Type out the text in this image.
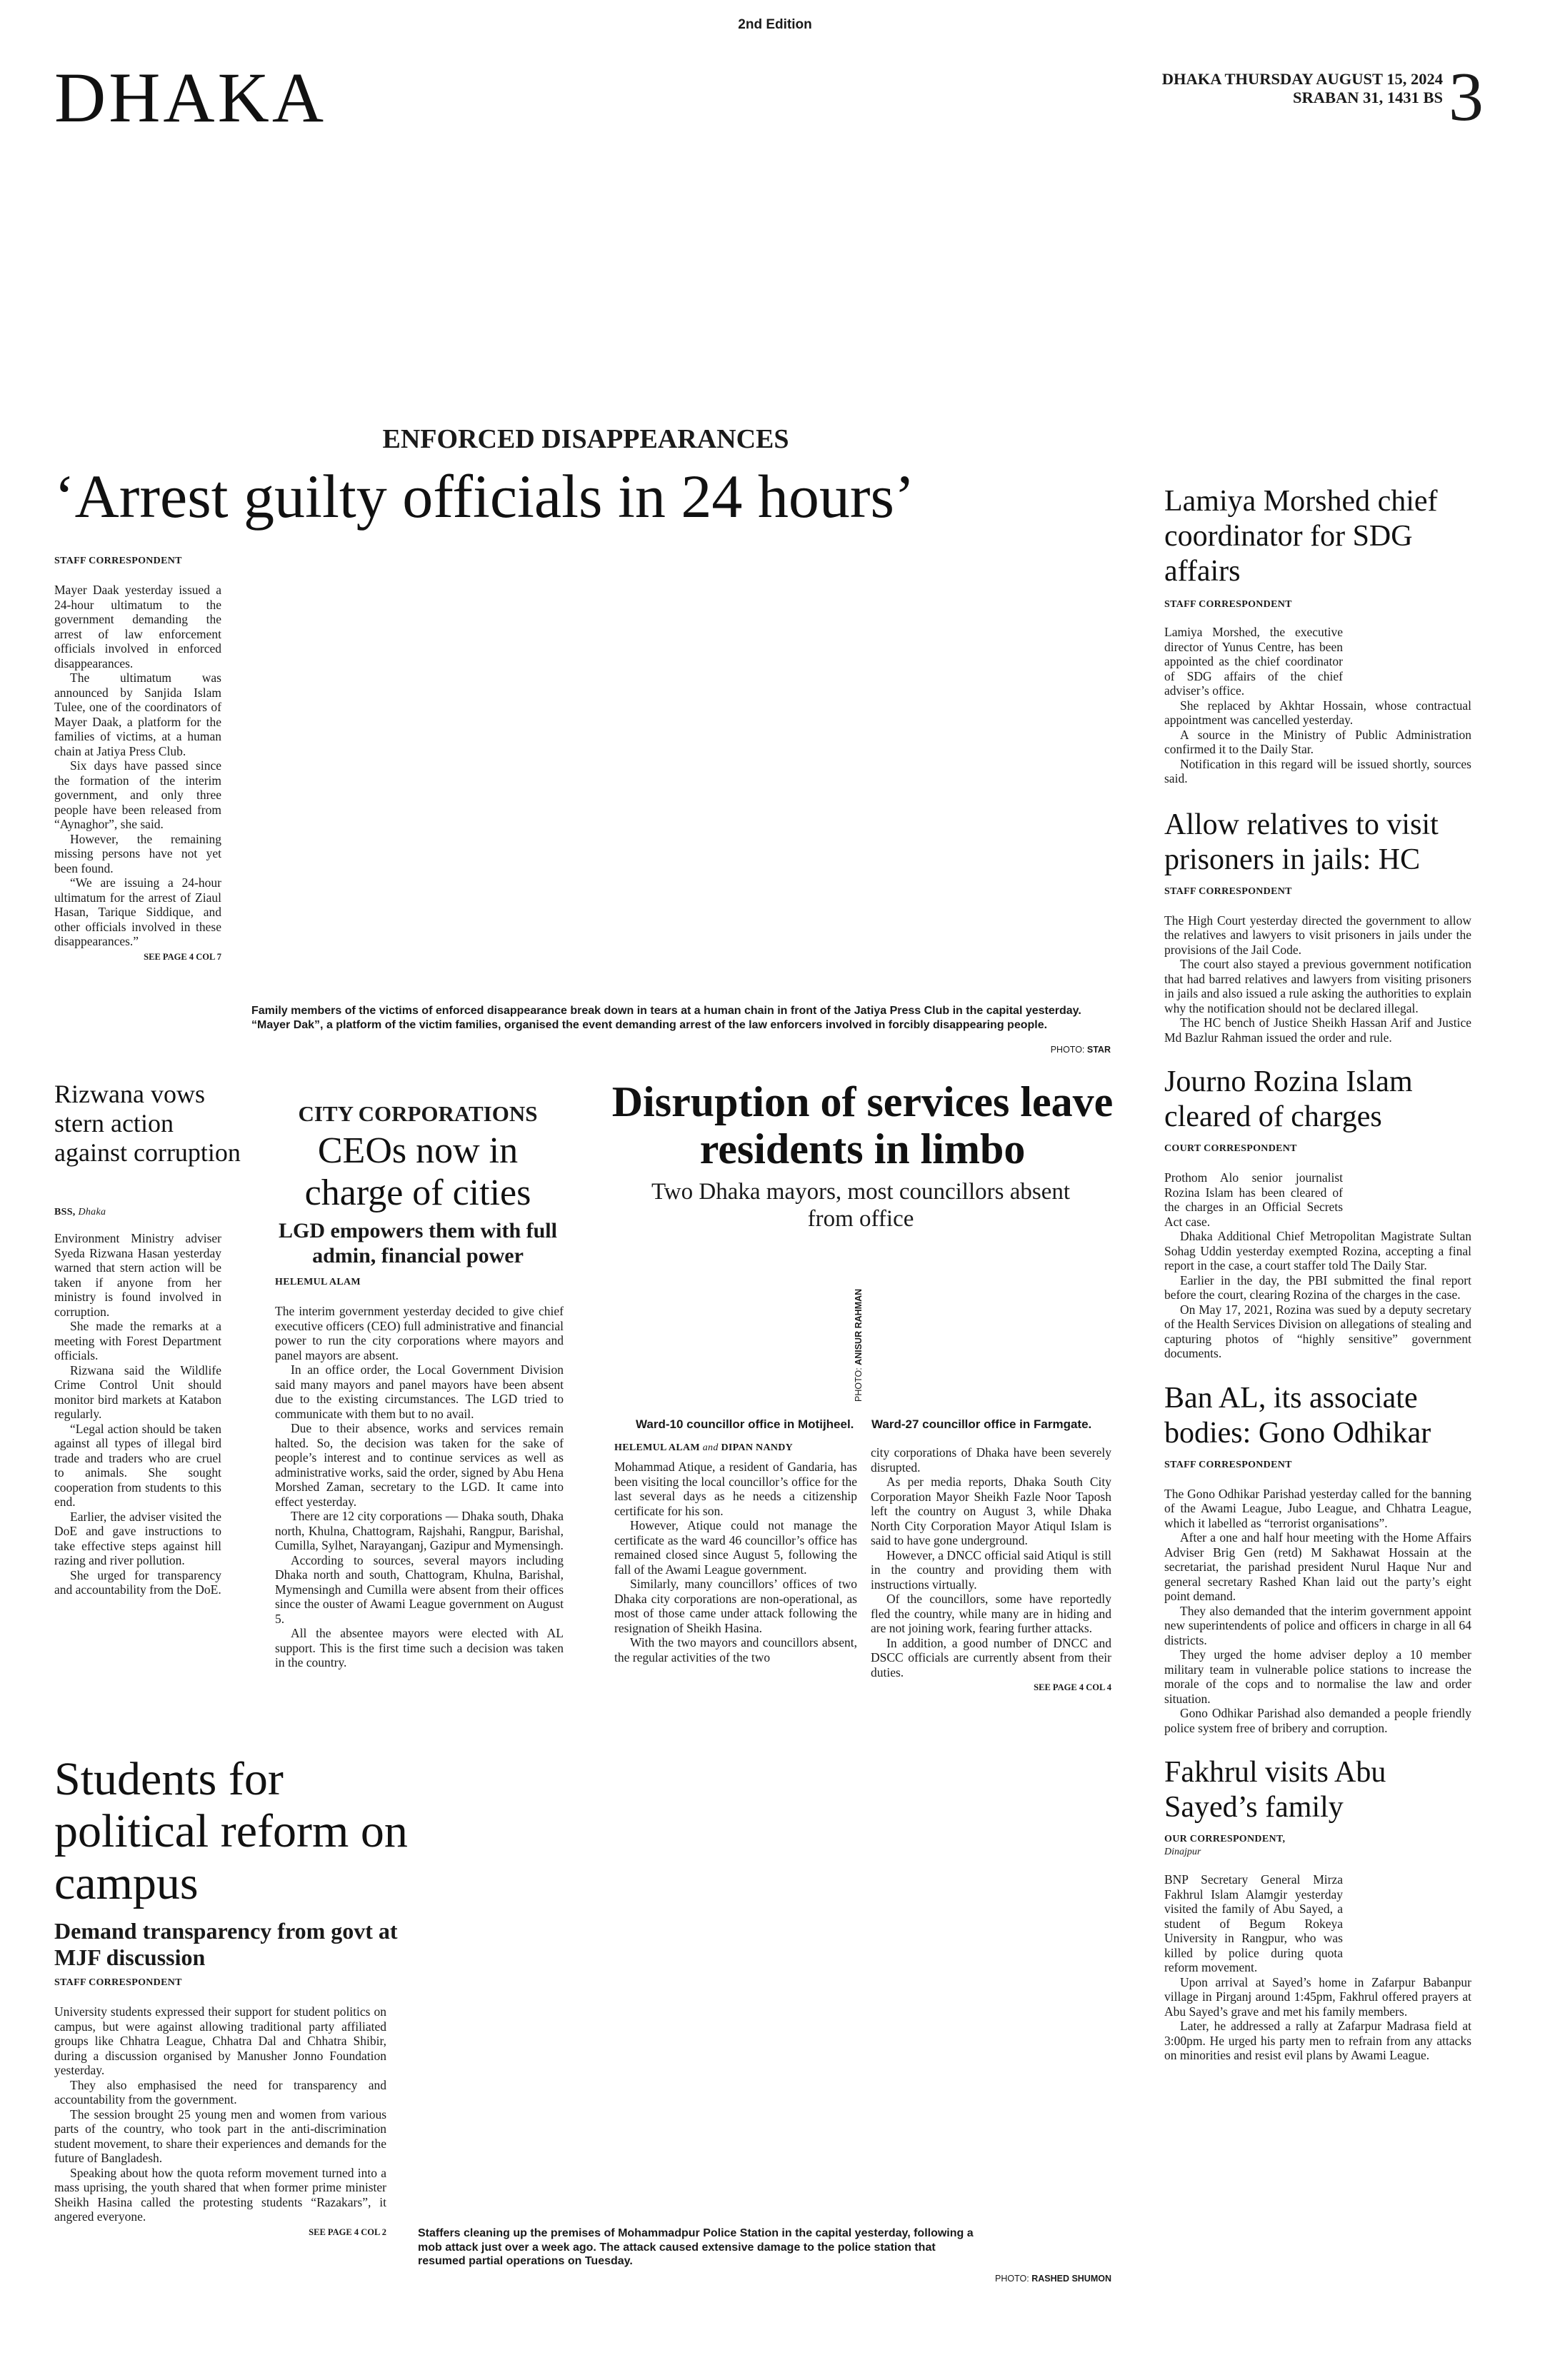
2nd Edition
DHAKA	DHAKA THURSDAY AUGUST 15, 2024
SRABAN 31, 1431 BS 3
ENFORCED DISAPPEARANCES
‘Arrest guilty officials in 24 hours’
STAFF CORRESPONDENT

Mayer Daak yesterday issued a 24-hour ultimatum to the government demanding the arrest of law enforcement officials involved in enforced disappearances.

The ultimatum was announced by Sanjida Islam Tulee, one of the coordinators of Mayer Daak, a platform for the families of victims, at a human chain at Jatiya Press Club.

Six days have passed since the formation of the interim government, and only three people have been released from “Aynaghor”, she said.

However, the remaining missing persons have not yet been found.

“We are issuing a 24-hour ultimatum for the arrest of Ziaul Hasan, Tarique Siddique, and other officials involved in these disappearances.”

SEE PAGE 4 COL 7
Family members of the victims of enforced disappearance break down in tears at a human chain in front of the Jatiya Press Club in the capital yesterday. “Mayer Dak”, a platform of the victim families, organised the event demanding arrest of the law enforcers involved in forcibly disappearing people.
PHOTO: STAR
Rizwana vows stern action against corruption
BSS, Dhaka

Environment Ministry adviser Syeda Rizwana Hasan yesterday warned that stern action will be taken if anyone from her ministry is found involved in corruption.

She made the remarks at a meeting with Forest Department officials.

Rizwana said the Wildlife Crime Control Unit should monitor bird markets at Katabon regularly.

“Legal action should be taken against all types of illegal bird trade and traders who are cruel to animals. She sought cooperation from students to this end.

Earlier, the adviser visited the DoE and gave instructions to take effective steps against hill razing and river pollution.

She urged for transparency and accountability from the DoE.

CITY CORPORATIONS
CEOs now in charge of cities
LGD empowers them with full admin, financial power
HELEMUL ALAM

The interim government yesterday decided to give chief executive officers (CEO) full administrative and financial power to run the city corporations where mayors and panel mayors are absent.

In an office order, the Local Government Division said many mayors and panel mayors have been absent due to the existing circumstances. The LGD tried to communicate with them but to no avail.

Due to their absence, works and services remain halted. So, the decision was taken for the sake of people’s interest and to continue services as well as administrative works, said the order, signed by Abu Hena Morshed Zaman, secretary to the LGD. It came into effect yesterday.

There are 12 city corporations — Dhaka south, Dhaka north, Khulna, Chattogram, Rajshahi, Rangpur, Barishal, Cumilla, Sylhet, Narayanganj, Gazipur and Mymensingh.

According to sources, several mayors including Dhaka north and south, Chattogram, Khulna, Barishal, Mymensingh and Cumilla were absent from their offices since the ouster of Awami League government on August 5.

All the absentee mayors were elected with AL support. This is the first time such a decision was taken in the country.

Disruption of services leave residents in limbo
Two Dhaka mayors, most councillors absent from office
PHOTO: ANISUR RAHMAN
Ward-10 councillor office in Motijheel.	Ward-27 councillor office in Farmgate.
HELEMUL ALAM and DIPAN NANDY

Mohammad Atique, a resident of Gandaria, has been visiting the local councillor’s office for the last several days as he needs a citizenship certificate for his son.

However, Atique could not manage the certificate as the ward 46 councillor’s office has remained closed since August 5, following the fall of the Awami League government.

Similarly, many councillors’ offices of two Dhaka city corporations are non-operational, as most of those came under attack following the resignation of Sheikh Hasina.

With the two mayors and councillors absent, the regular activities of the two

city corporations of Dhaka have been severely disrupted.

As per media reports, Dhaka South City Corporation Mayor Sheikh Fazle Noor Taposh left the country on August 3, while Dhaka North City Corporation Mayor Atiqul Islam is said to have gone underground.

However, a DNCC official said Atiqul is still in the country and providing them with instructions virtually.

Of the councillors, some have reportedly fled the country, while many are in hiding and are not joining work, fearing further attacks.

In addition, a good number of DNCC and DSCC officials are currently absent from their duties.

SEE PAGE 4 COL 4
Students for political reform on campus
Demand transparency from govt at MJF discussion
STAFF CORRESPONDENT

University students expressed their support for student politics on campus, but were against allowing traditional party affiliated groups like Chhatra League, Chhatra Dal and Chhatra Shibir, during a discussion organised by Manusher Jonno Foundation yesterday.

They also emphasised the need for transparency and accountability from the government.

The session brought 25 young men and women from various parts of the country, who took part in the anti-discrimination student movement, to share their experiences and demands for the future of Bangladesh.

Speaking about how the quota reform movement turned into a mass uprising, the youth shared that when former prime minister Sheikh Hasina called the protesting students “Razakars”, it angered everyone.

SEE PAGE 4 COL 2	Staffers cleaning up the premises of Mohammadpur Police Station in the capital yesterday, following a mob attack just over a week ago. The attack caused extensive damage to the police station that resumed partial operations on Tuesday.
PHOTO: RASHED SHUMON
Lamiya Morshed chief coordinator for SDG affairs
STAFF CORRESPONDENT

Lamiya Morshed, the executive director of Yunus Centre, has been appointed as the chief coordinator of SDG affairs of the chief adviser’s office.

She replaced by Akhtar Hossain, whose contractual appointment was cancelled yesterday.

A source in the Ministry of Public Administration confirmed it to the Daily Star.

Notification in this regard will be issued shortly, sources said.

Allow relatives to visit prisoners in jails: HC
STAFF CORRESPONDENT

The High Court yesterday directed the government to allow the relatives and lawyers to visit prisoners in jails under the provisions of the Jail Code.

The court also stayed a previous government notification that had barred relatives and lawyers from visiting prisoners in jails and also issued a rule asking the authorities to explain why the notification should not be declared illegal.

The HC bench of Justice Sheikh Hassan Arif and Justice Md Bazlur Rahman issued the order and rule.

Journo Rozina Islam cleared of charges
COURT CORRESPONDENT

Prothom Alo senior journalist Rozina Islam has been cleared of the charges in an Official Secrets Act case.

Dhaka Additional Chief Metropolitan Magistrate Sultan Sohag Uddin yesterday exempted Rozina, accepting a final report in the case, a court staffer told The Daily Star.

Earlier in the day, the PBI submitted the final report before the court, clearing Rozina of the charges in the case.

On May 17, 2021, Rozina was sued by a deputy secretary of the Health Services Division on allegations of stealing and capturing photos of “highly sensitive” government documents.

Ban AL, its associate bodies: Gono Odhikar
STAFF CORRESPONDENT

The Gono Odhikar Parishad yesterday called for the banning of the Awami League, Jubo League, and Chhatra League, which it labelled as “terrorist organisations”.

After a one and half hour meeting with the Home Affairs Adviser Brig Gen (retd) M Sakhawat Hossain at the secretariat, the parishad president Nurul Haque Nur and general secretary Rashed Khan laid out the party’s eight point demand.

They also demanded that the interim government appoint new superintendents of police and officers in charge in all 64 districts.

They urged the home adviser deploy a 10 member military team in vulnerable police stations to increase the morale of the cops and to normalise the law and order situation.

Gono Odhikar Parishad also demanded a people friendly police system free of bribery and corruption.

Fakhrul visits Abu Sayed’s family
OUR CORRESPONDENT,
Dinajpur

BNP Secretary General Mirza Fakhrul Islam Alamgir yesterday visited the family of Abu Sayed, a student of Begum Rokeya University in Rangpur, who was killed by police during quota reform movement.

Upon arrival at Sayed’s home in Zafarpur Babanpur village in Pirganj around 1:45pm, Fakhrul offered prayers at Abu Sayed’s grave and met his family members.

Later, he addressed a rally at Zafarpur Madrasa field at 3:00pm. He urged his party men to refrain from any attacks on minorities and resist evil plans by Awami League.
